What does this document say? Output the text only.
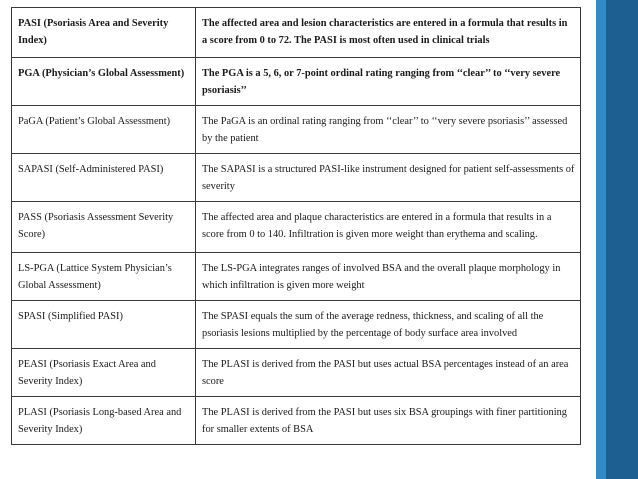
PASI (Psoriasis Area and Severity Index)	The affected area and lesion characteristics are entered in a formula that results in a score from 0 to 72. The PASI is most often used in clinical trials
PGA (Physician’s Global Assessment)	The PGA is a 5, 6, or 7-point ordinal rating ranging from ‘‘clear’’ to ‘‘very severe psoriasis’’
PaGA (Patient’s Global Assessment)	The PaGA is an ordinal rating ranging from ‘‘clear’’ to ‘‘very severe psoriasis’’ assessed by the patient
SAPASI (Self-Administered PASI)	The SAPASI is a structured PASI-like instrument designed for patient self-assessments of severity
PASS (Psoriasis Assessment Severity Score)	The affected area and plaque characteristics are entered in a formula that results in a score from 0 to 140. Infiltration is given more weight than erythema and scaling.
LS-PGA (Lattice System Physician’s Global Assessment)	The LS-PGA integrates ranges of involved BSA and the overall plaque morphology in which infiltration is given more weight
SPASI (Simplified PASI)	The SPASI equals the sum of the average redness, thickness, and scaling of all the psoriasis lesions multiplied by the percentage of body surface area involved
PEASI (Psoriasis Exact Area and Severity Index)	The PLASI is derived from the PASI but uses actual BSA percentages instead of an area score
PLASI (Psoriasis Long-based Area and Severity Index)	The PLASI is derived from the PASI but uses six BSA groupings with finer partitioning for smaller extents of BSA
